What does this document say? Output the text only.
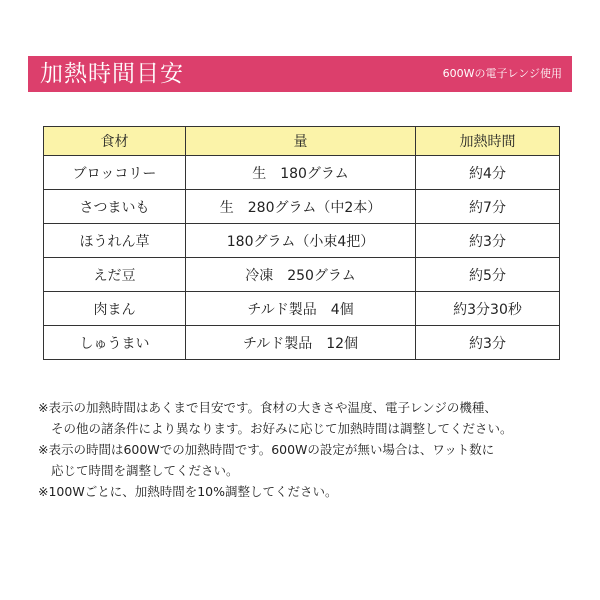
加熱時間目安	600Wの電子レンジ使用
食材	量	加熱時間
ブロッコリー	生　180グラム	約4分
さつまいも	生　280グラム（中2本）	約7分
ほうれん草	180グラム（小束4把）	約3分
えだ豆	冷凍　250グラム	約5分
肉まん	チルド製品　4個	約3分30秒
しゅうまい	チルド製品　12個	約3分

※表示の加熱時間はあくまで目安です。食材の大きさや温度、電子レンジの機種、

その他の諸条件により異なります。お好みに応じて加熱時間は調整してください。

※表示の時間は600Wでの加熱時間です。600Wの設定が無い場合は、ワット数に

応じて時間を調整してください。

※100Wごとに、加熱時間を10%調整してください。
